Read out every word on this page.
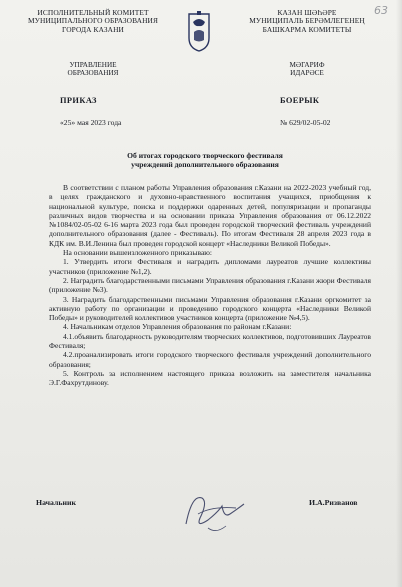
63
ИСПОЛНИТЕЛЬНЫЙ КОМИТЕТ
МУНИЦИПАЛЬНОГО ОБРАЗОВАНИЯ
ГОРОДА КАЗАНИ
УПРАВЛЕНИЕ
ОБРАЗОВАНИЯ
КАЗАН ШӘҺӘРЕ
МУНИЦИПАЛЬ БЕРӘМЛЕГЕНЕҢ
БАШКАРМА КОМИТЕТЫ
МӘГАРИФ
ИДАРӘСЕ
ПРИКАЗ	БОЕРЫК
«25» мая 2023 года	№ 629/02-05-02
Об итогах городского творческого фестиваля
учреждений дополнительного образования

В соответствии с планом работы Управления образования г.Казани на 2022-2023 учебный год, в целях гражданского и духовно-нравственного воспитания учащихся, приобщения к национальной культуре, поиска и поддержки одаренных детей, популяризации и пропаганды различных видов творчества и на основании приказа Управления образования от 06.12.2022 №1084/02-05-02 6-16 марта 2023 года был проведен городской творческий фестиваль учреждений дополнительного образования (далее - Фестиваль). По итогам Фестиваля 28 апреля 2023 года в КДК им. В.И.Ленина был проведен городской концерт «Наследники Великой Победы».

На основании вышеизложенного приказываю:

1. Утвердить итоги Фестиваля и наградить дипломами лауреатов лучшие коллективы участников (приложение №1,2).

2. Наградить благодарственными письмами Управления образования г.Казани жюри Фестиваля (приложение №3).

3. Наградить благодарственными письмами Управления образования г.Казани оргкомитет за активную работу по организации и проведению городского концерта «Наследники Великой Победы» и руководителей коллективов участников концерта (приложение №4,5).

4. Начальникам отделов Управления образования по районам г.Казани:

4.1.объявить благодарность руководителям творческих коллективов, подготовивших Лауреатов Фестиваля;

4.2.проанализировать итоги городского творческого фестиваля учреждений дополнительного образования;

5. Контроль за исполнением настоящего приказа возложить на заместителя начальника Э.Г.Фахрутдинову.

Начальник	И.А.Ризванов
